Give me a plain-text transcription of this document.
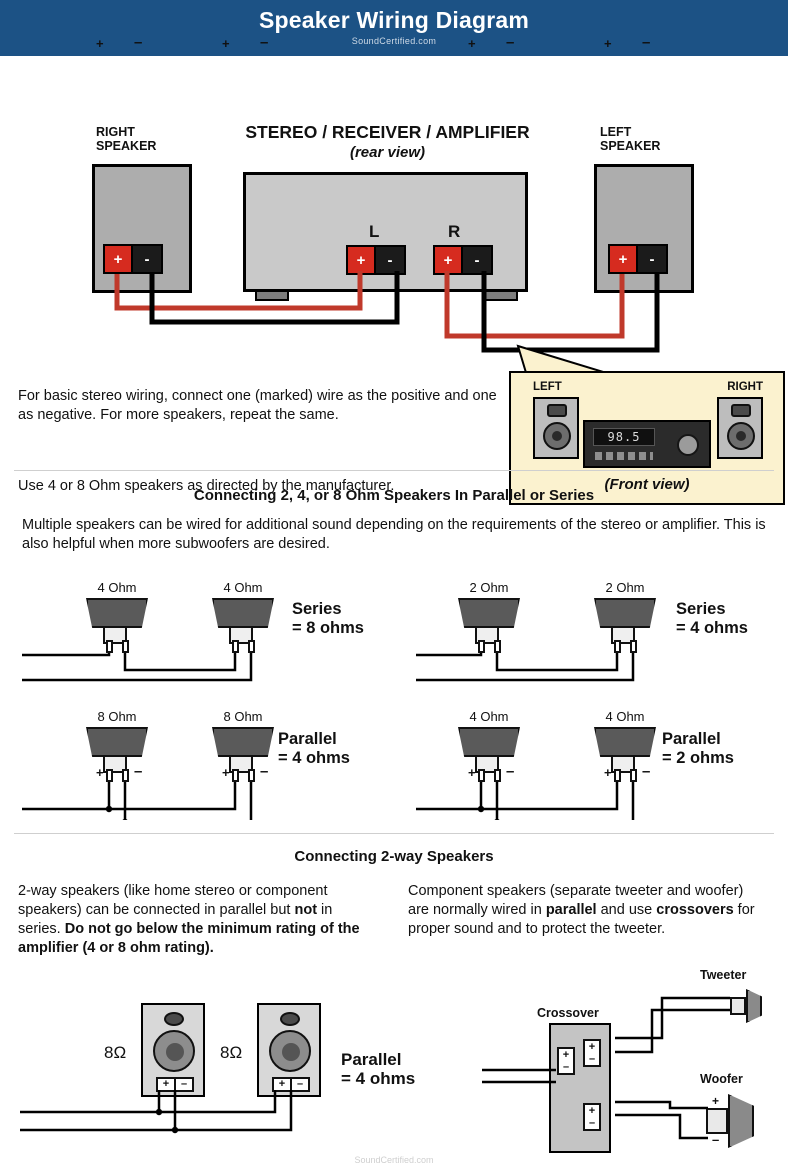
Speaker Wiring Diagram
SoundCertified.com
RIGHT
SPEAKER
LEFT
SPEAKER
STEREO / RECEIVER / AMPLIFIER
(rear view)
+	-	+	-
L	R
+	-	+	-
For basic stereo wiring, connect one (marked) wire as the positive and one as negative. For more speakers, repeat the same.
Use 4 or 8 Ohm speakers as directed by the manufacturer.
LEFT	RIGHT
98.5
(Front view)
Connecting 2, 4, or 8 Ohm Speakers In Parallel or Series
Multiple speakers can be wired for additional sound depending on the requirements of the stereo or amplifier. This is also helpful when more subwoofers are desired.
4 Ohm	4 Ohm
+ –	+ –
Series
= 8 ohms
2 Ohm	2 Ohm
+ –	+ –
Series
= 4 ohms
8 Ohm	8 Ohm
+ –	+ –
Parallel
= 4 ohms
4 Ohm	4 Ohm
+ –	+ –
Parallel
= 2 ohms
Connecting 2-way Speakers
2-way speakers (like home stereo or component speakers) can be connected in parallel but not in series. Do not go below the minimum rating of the amplifier (4 or 8 ohm rating).
Component speakers (separate tweeter and woofer) are normally wired in parallel and use crossovers for proper sound and to protect the tweeter.
+	–	+	–
8Ω	8Ω	Parallel
= 4 ohms
Crossover
+
–
+
–
+
–
Tweeter
Woofer
+
–
SoundCertified.com
